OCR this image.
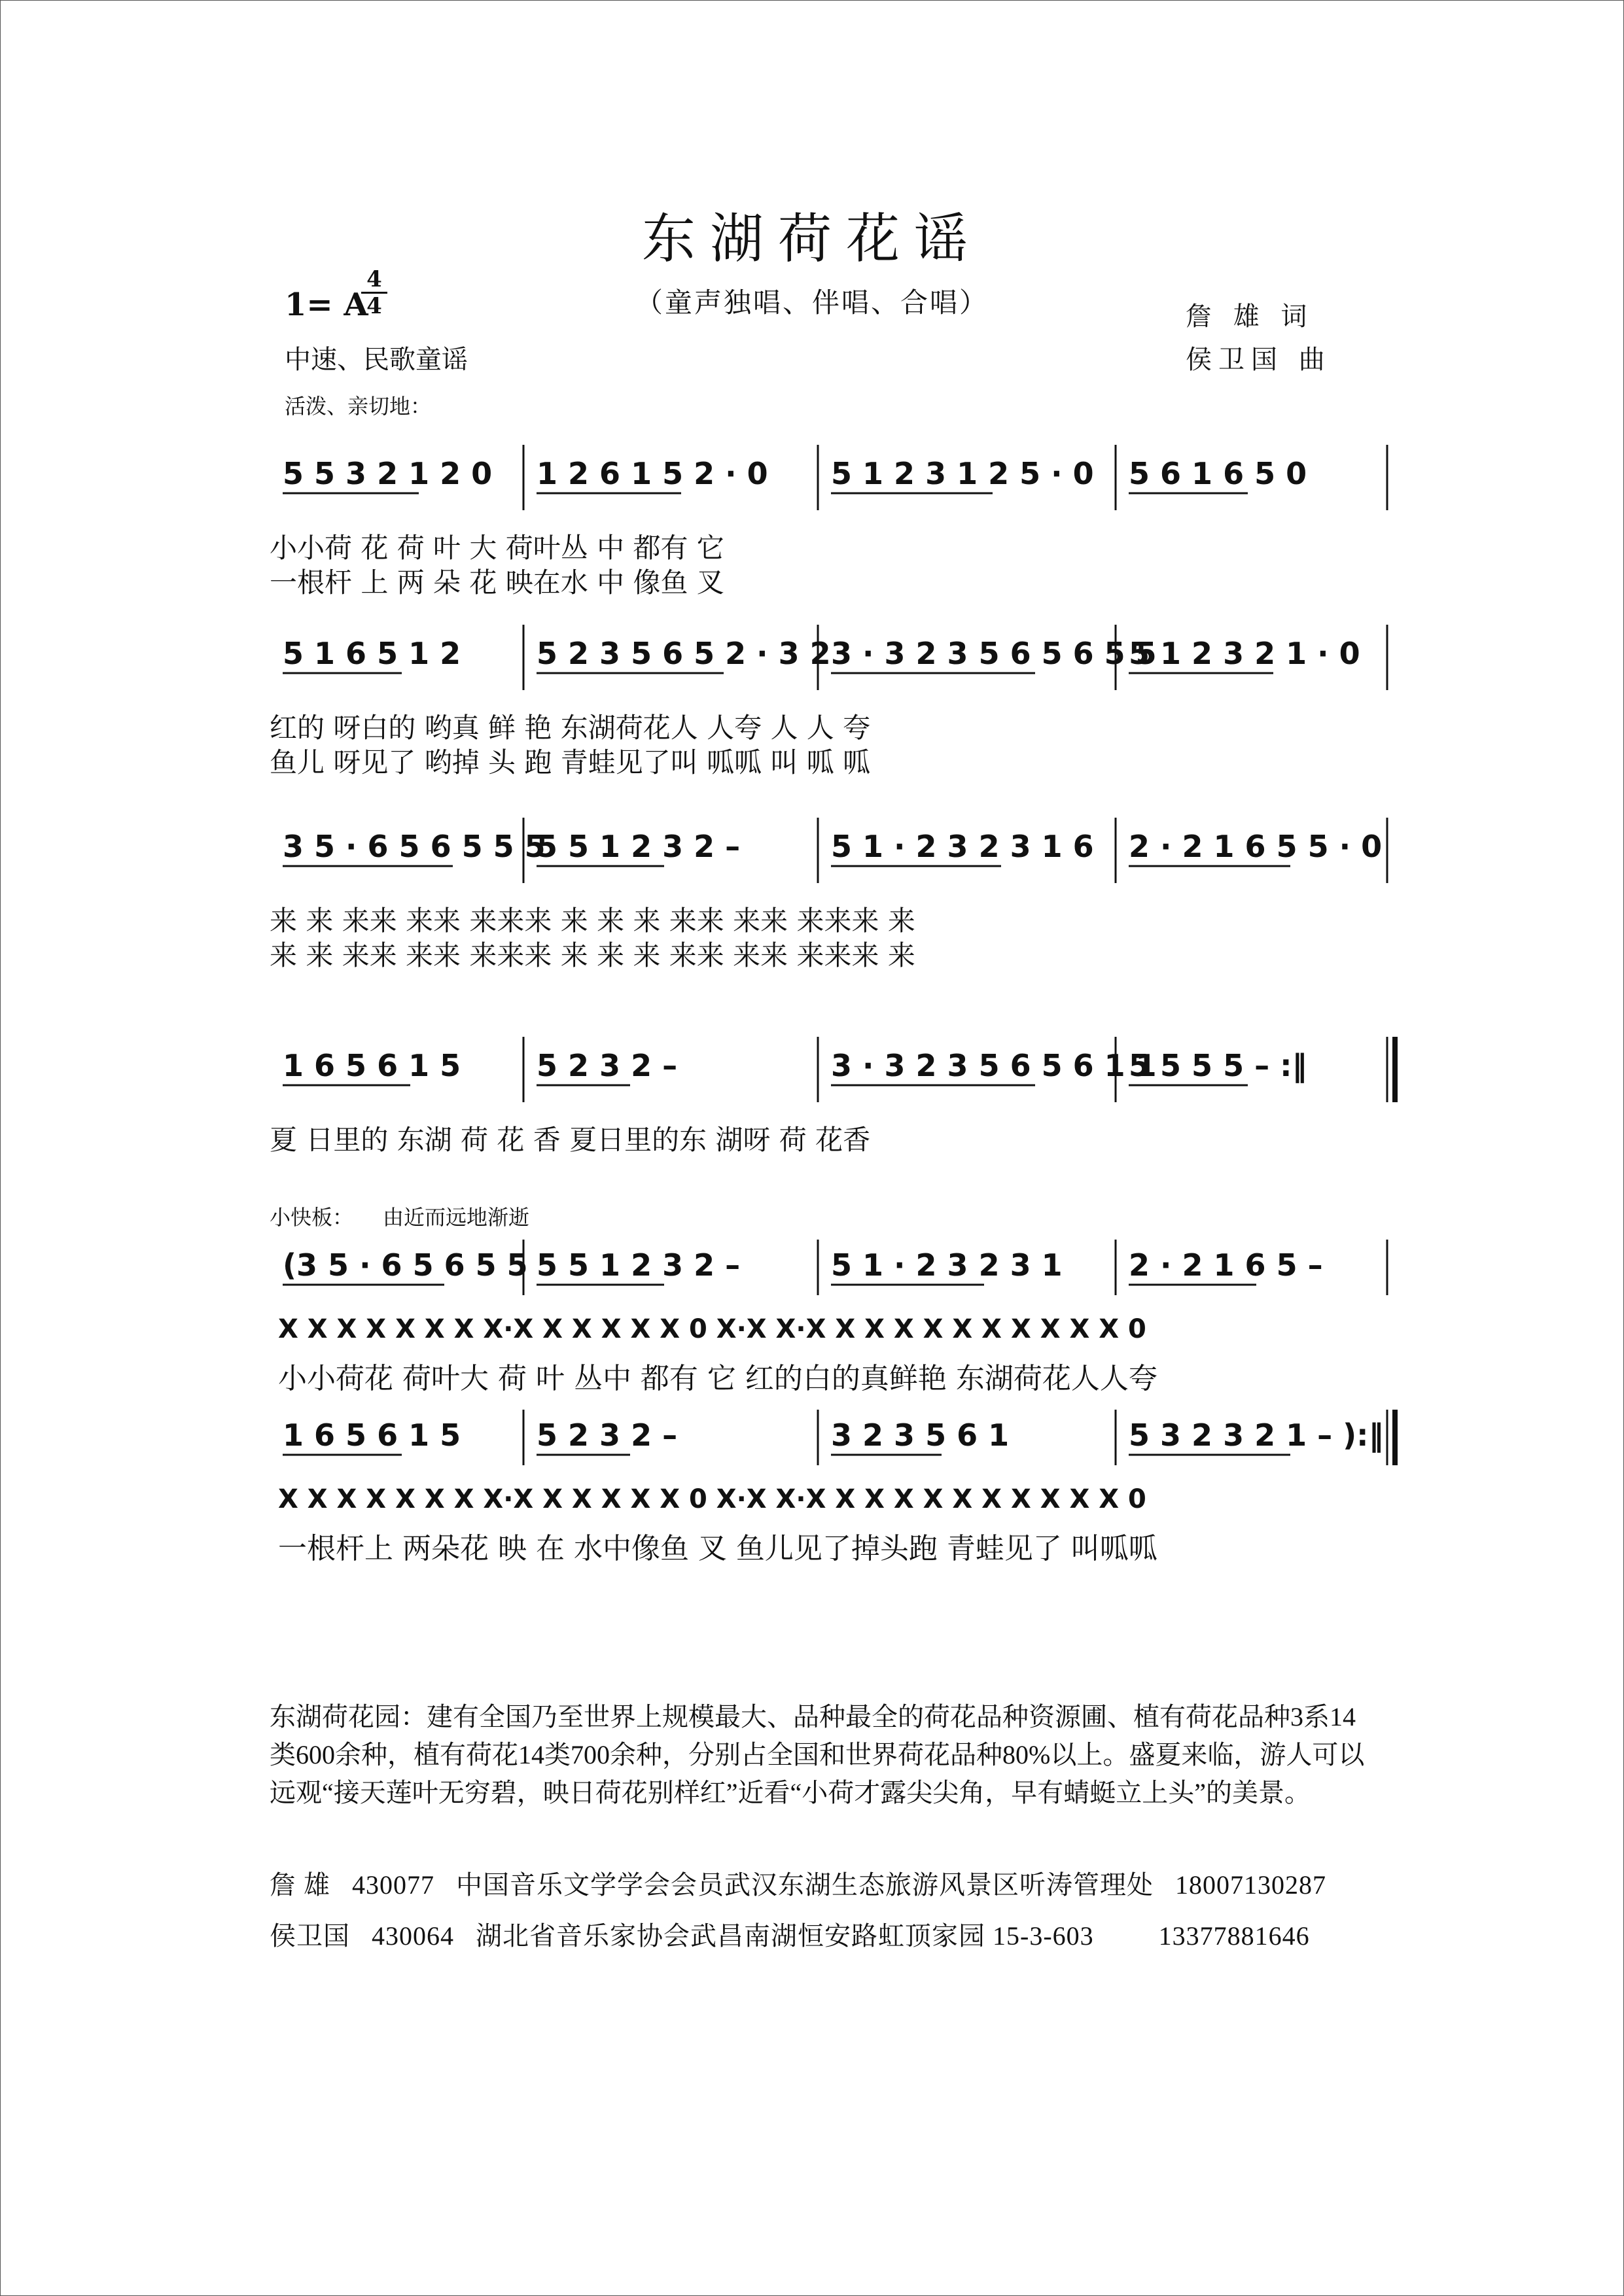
东湖荷花谣
（童声独唱、伴唱、合唱）
1= A
4
4
中速、民歌童谣
活泼、亲切地：
詹 雄 词
侯卫国 曲
5 5 3 2 1 2 0 1 2 6 1 5 2 · 0 5 1 2 3 1 2 5 · 0 5 6 1 6 5 0
小小荷 花 荷 叶 大 荷叶丛 中 都有 它
一根杆 上 两 朵 花 映在水 中 像鱼 叉
5 1 6 5 1 2	5 2 3 5 6 5 2 · 3 2 3 · 3 2 3 5 6 5 6 5 5
5 1 2 3 2 1 · 0
红的 呀白的 哟真 鲜 艳 东湖荷花人 人夸 人 人 夸
鱼儿 呀见了 哟掉 头 跑 青蛙见了叫 呱呱 叫 呱 呱
3 5 · 6 5 6 5 5 5
5 5 1 2 3 2 –	5 1 · 2 3 2 3 1 6 2 · 2 1 6 5 5 · 0
来 来 来来 来来 来来来 来 来 来 来来 来来 来来来 来
来 来 来来 来来 来来来 来 来 来 来来 来来 来来来 来
1 6 5 6 1 5	5 2 3 2 –	3 · 3 2 3 5 6 5 6 1 1
5 5 5 5 – :‖
夏 日里的 东湖 荷 花 香 夏日里的东 湖呀 荷 花香
(3 5 · 6 5 6 5 5 5 5 1 2 3 2 –	5 1 · 2 3 2 3 1 2 · 2 1 6 5 –
X X X X X X X X·X X X X X X 0 X·X X·X X X X X X X X X X X 0
小小荷花 荷叶大 荷 叶 丛中 都有 它 红的白的真鲜艳 东湖荷花人人夸
1 6 5 6 1 5	5 2 3 2 –	3 2 3 5 6 1	5 3 2 3 2 1 – ):‖
X X X X X X X X·X X X X X X 0 X·X X·X X X X X X X X X X X 0
一根杆上 两朵花 映 在 水中像鱼 叉 鱼儿见了掉头跑 青蛙见了 叫呱呱
小快板： 由近而远地渐逝
东湖荷花园：建有全国乃至世界上规模最大、品种最全的荷花品种资源圃、植有荷花品种3系14类600余种，植有荷花14类700余种，分别占全国和世界荷花品种80%以上。盛夏来临，游人可以远观“接天莲叶无穷碧，映日荷花别样红”近看“小荷才露尖尖角，早有蜻蜓立上头”的美景。
詹 雄 430077 中国音乐文学学会会员武汉东湖生态旅游风景区听涛管理处 18007130287
侯卫国 430064 湖北省音乐家协会武昌南湖恒安路虹顶家园 15-3-603 13377881646
